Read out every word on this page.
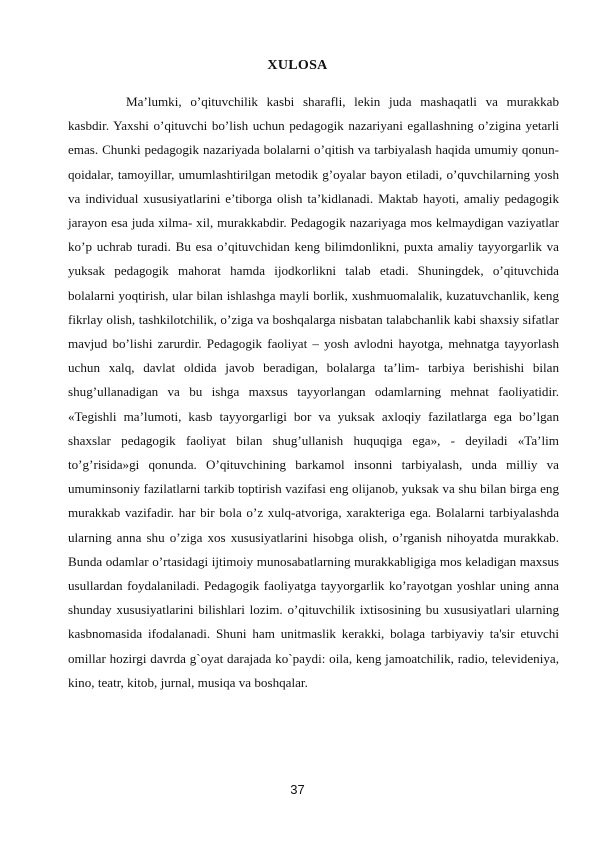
XULOSA

Ma’lumki, o’qituvchilik kasbi sharafli, lekin juda mashaqatli va murakkab kasbdir. Yaxshi o’qituvchi bo’lish uchun pedagogik nazariyani egallashning o’zigina yetarli emas. Chunki pedagogik nazariyada bolalarni o’qitish va tarbiyalash haqida umumiy qonun- qoidalar, tamoyillar, umumlashtirilgan metodik g’oyalar bayon etiladi, o’quvchilarning yosh va individual xususiyatlarini e’tiborga olish ta’kidlanadi. Maktab hayoti, amaliy pedagogik jarayon esa juda xilma- xil, murakkabdir. Pedagogik nazariyaga mos kelmaydigan vaziyatlar ko’p uchrab turadi. Bu esa o’qituvchidan keng bilimdonlikni, puxta amaliy tayyorgarlik va yuksak pedagogik mahorat hamda ijodkorlikni talab etadi. Shuningdek, o’qituvchida bolalarni yoqtirish, ular bilan ishlashga mayli borlik, xushmuomalalik, kuzatuvchanlik, keng fikrlay olish, tashkilotchilik, o’ziga va boshqalarga nisbatan talabchanlik kabi shaxsiy sifatlar mavjud bo’lishi zarurdir. Pedagogik faoliyat – yosh avlodni hayotga, mehnatga tayyorlash uchun xalq, davlat oldida javob beradigan, bolalarga ta’lim- tarbiya berishishi bilan shug’ullanadigan va bu ishga maxsus tayyorlangan odamlarning mehnat faoliyatidir. «Tegishli ma’lumoti, kasb tayyorgarligi bor va yuksak axloqiy fazilatlarga ega bo’lgan shaxslar pedagogik faoliyat bilan shug’ullanish huquqiga ega», - deyiladi «Ta’lim to’g’risida»gi qonunda. O’qituvchining barkamol insonni tarbiyalash, unda milliy va umuminsoniy fazilatlarni tarkib toptirish vazifasi eng olijanob, yuksak va shu bilan birga eng murakkab vazifadir. har bir bola o’z xulq-atvoriga, xarakteriga ega. Bolalarni tarbiyalashda ularning anna shu o’ziga xos xususiyatlarini hisobga olish, o’rganish nihoyatda murakkab. Bunda odamlar o’rtasidagi ijtimoiy munosabatlarning murakkabligiga mos keladigan maxsus usullardan foydalaniladi. Pedagogik faoliyatga tayyorgarlik ko’rayotgan yoshlar uning anna shunday xususiyatlarini bilishlari lozim. o’qituvchilik ixtisosining bu xususiyatlari ularning kasbnomasida ifodalanadi. Shuni ham unitmaslik kerakki, bolaga tarbiyaviy ta'sir etuvchi omillar hozirgi davrda g`oyat darajada ko`paydi: oila, keng jamoatchilik, radio, televideniya, kino, teatr, kitob, jurnal, musiqa va boshqalar.

37
